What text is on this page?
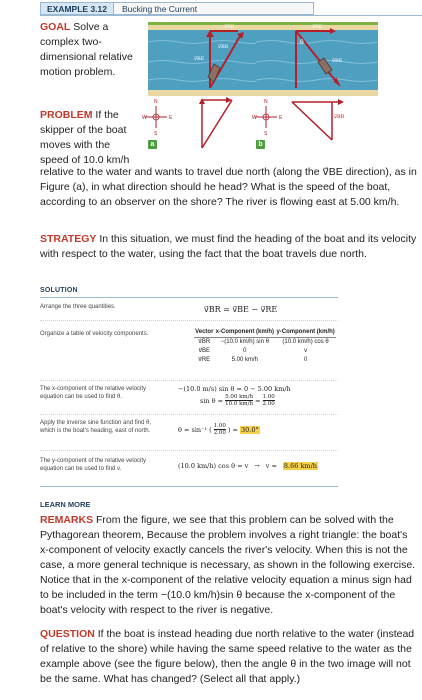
EXAMPLE 3.12	Bucking the Current
GOAL Solve a complex two-dimensional relative motion problem.
PROBLEM If the skipper of the boat moves with the speed of 10.0 km/h
v⃗BR
v⃗RE
v⃗BE
N
S
E
W
a
θ
v⃗RE
v⃗BE
N
S
E
W	v⃗BR
b
relative to the water and wants to travel due north (along the v⃗BE direction), as in Figure (a), in what direction should he head? What is the speed of the boat, according to an observer on the shore? The river is flowing east at 5.00 km/h.
STRATEGY In this situation, we must find the heading of the boat and its velocity with respect to the water, using the fact that the boat travels due north.
SOLUTION
Arrange the three quantities.	v⃗BR = v⃗BE − v⃗RE
Organize a table of velocity components.	Vector	x-Component (km/h)	y-Component (km/h)
v⃗BR	−(10.0 km/h) sin θ	(10.0 km/h) cos θ
v⃗BE	0	v
v⃗RE	5.00 km/h	0
The x-component of the relative velocity equation can be used to find θ.
−(10.0 m/s) sin θ = 0 − 5.00 km/h
$\sin \theta = \frac{5.00 km/h}{10.0 km/h} = \frac{1.00}{2.00}$
Apply the inverse sine function and find θ, which is the boat's heading, east of north.	θ = sin⁻¹ ( 1.00
2.00 ) = 30.0°
The y-component of the relative velocity equation can be used to find v.	(10.0 km/h) cos θ = v → v = 8.66 km/h
LEARN MORE
REMARKS From the figure, we see that this problem can be solved with the Pythagorean theorem, Because the problem involves a right triangle: the boat's x-component of velocity exactly cancels the river's velocity. When this is not the case, a more general technique is necessary, as shown in the following exercise. Notice that in the x-component of the relative velocity equation a minus sign had to be included in the term −(10.0 km/h)sin θ because the x-component of the boat's velocity with respect to the river is negative.
QUESTION If the boat is instead heading due north relative to the water (instead of relative to the shore) while having the same speed relative to the water as the example above (see the figure below), then the angle θ in the two image will not be the same. What has changed? (Select all that apply.)
